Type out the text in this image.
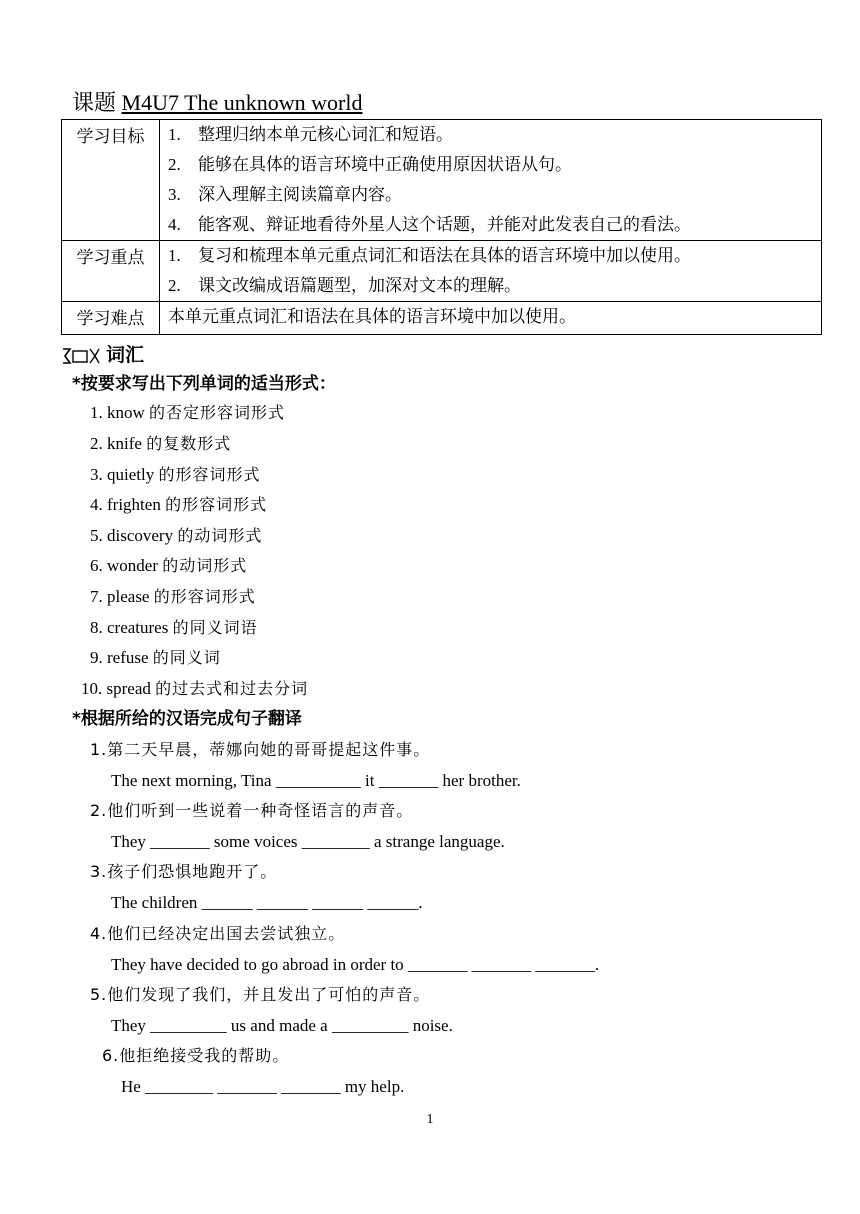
课题 M4U7 The unknown world
学习目标	1. 整理归纳本单元核心词汇和短语。
2. 能够在具体的语言环境中正确使用原因状语从句。
3. 深入理解主阅读篇章内容。
4. 能客观、辩证地看待外星人这个话题，并能对此发表自己的看法。

学习重点	1. 复习和梳理本单元重点词汇和语法在具体的语言环境中加以使用。
2. 课文改编成语篇题型，加深对文本的理解。

学习难点	本单元重点词汇和语法在具体的语言环境中加以使用。
词汇
*按要求写出下列单词的适当形式：
1. know 的否定形容词形式
2. knife 的复数形式
3. quietly 的形容词形式
4. frighten 的形容词形式
5. discovery 的动词形式
6. wonder 的动词形式
7. please 的形容词形式
8. creatures 的同义词语
9. refuse 的同义词
10. spread 的过去式和过去分词
*根据所给的汉语完成句子翻译
1.第二天早晨，蒂娜向她的哥哥提起这件事。
The next morning, Tina __________ it _______ her brother.
2.他们听到一些说着一种奇怪语言的声音。
They _______ some voices ________ a strange language.
3.孩子们恐惧地跑开了。
The children ______ ______ ______ ______.
4.他们已经决定出国去尝试独立。
They have decided to go abroad in order to _______ _______ _______.
5.他们发现了我们，并且发出了可怕的声音。
They _________ us and made a _________ noise.
6.他拒绝接受我的帮助。
He ________ _______ _______ my help.
1
